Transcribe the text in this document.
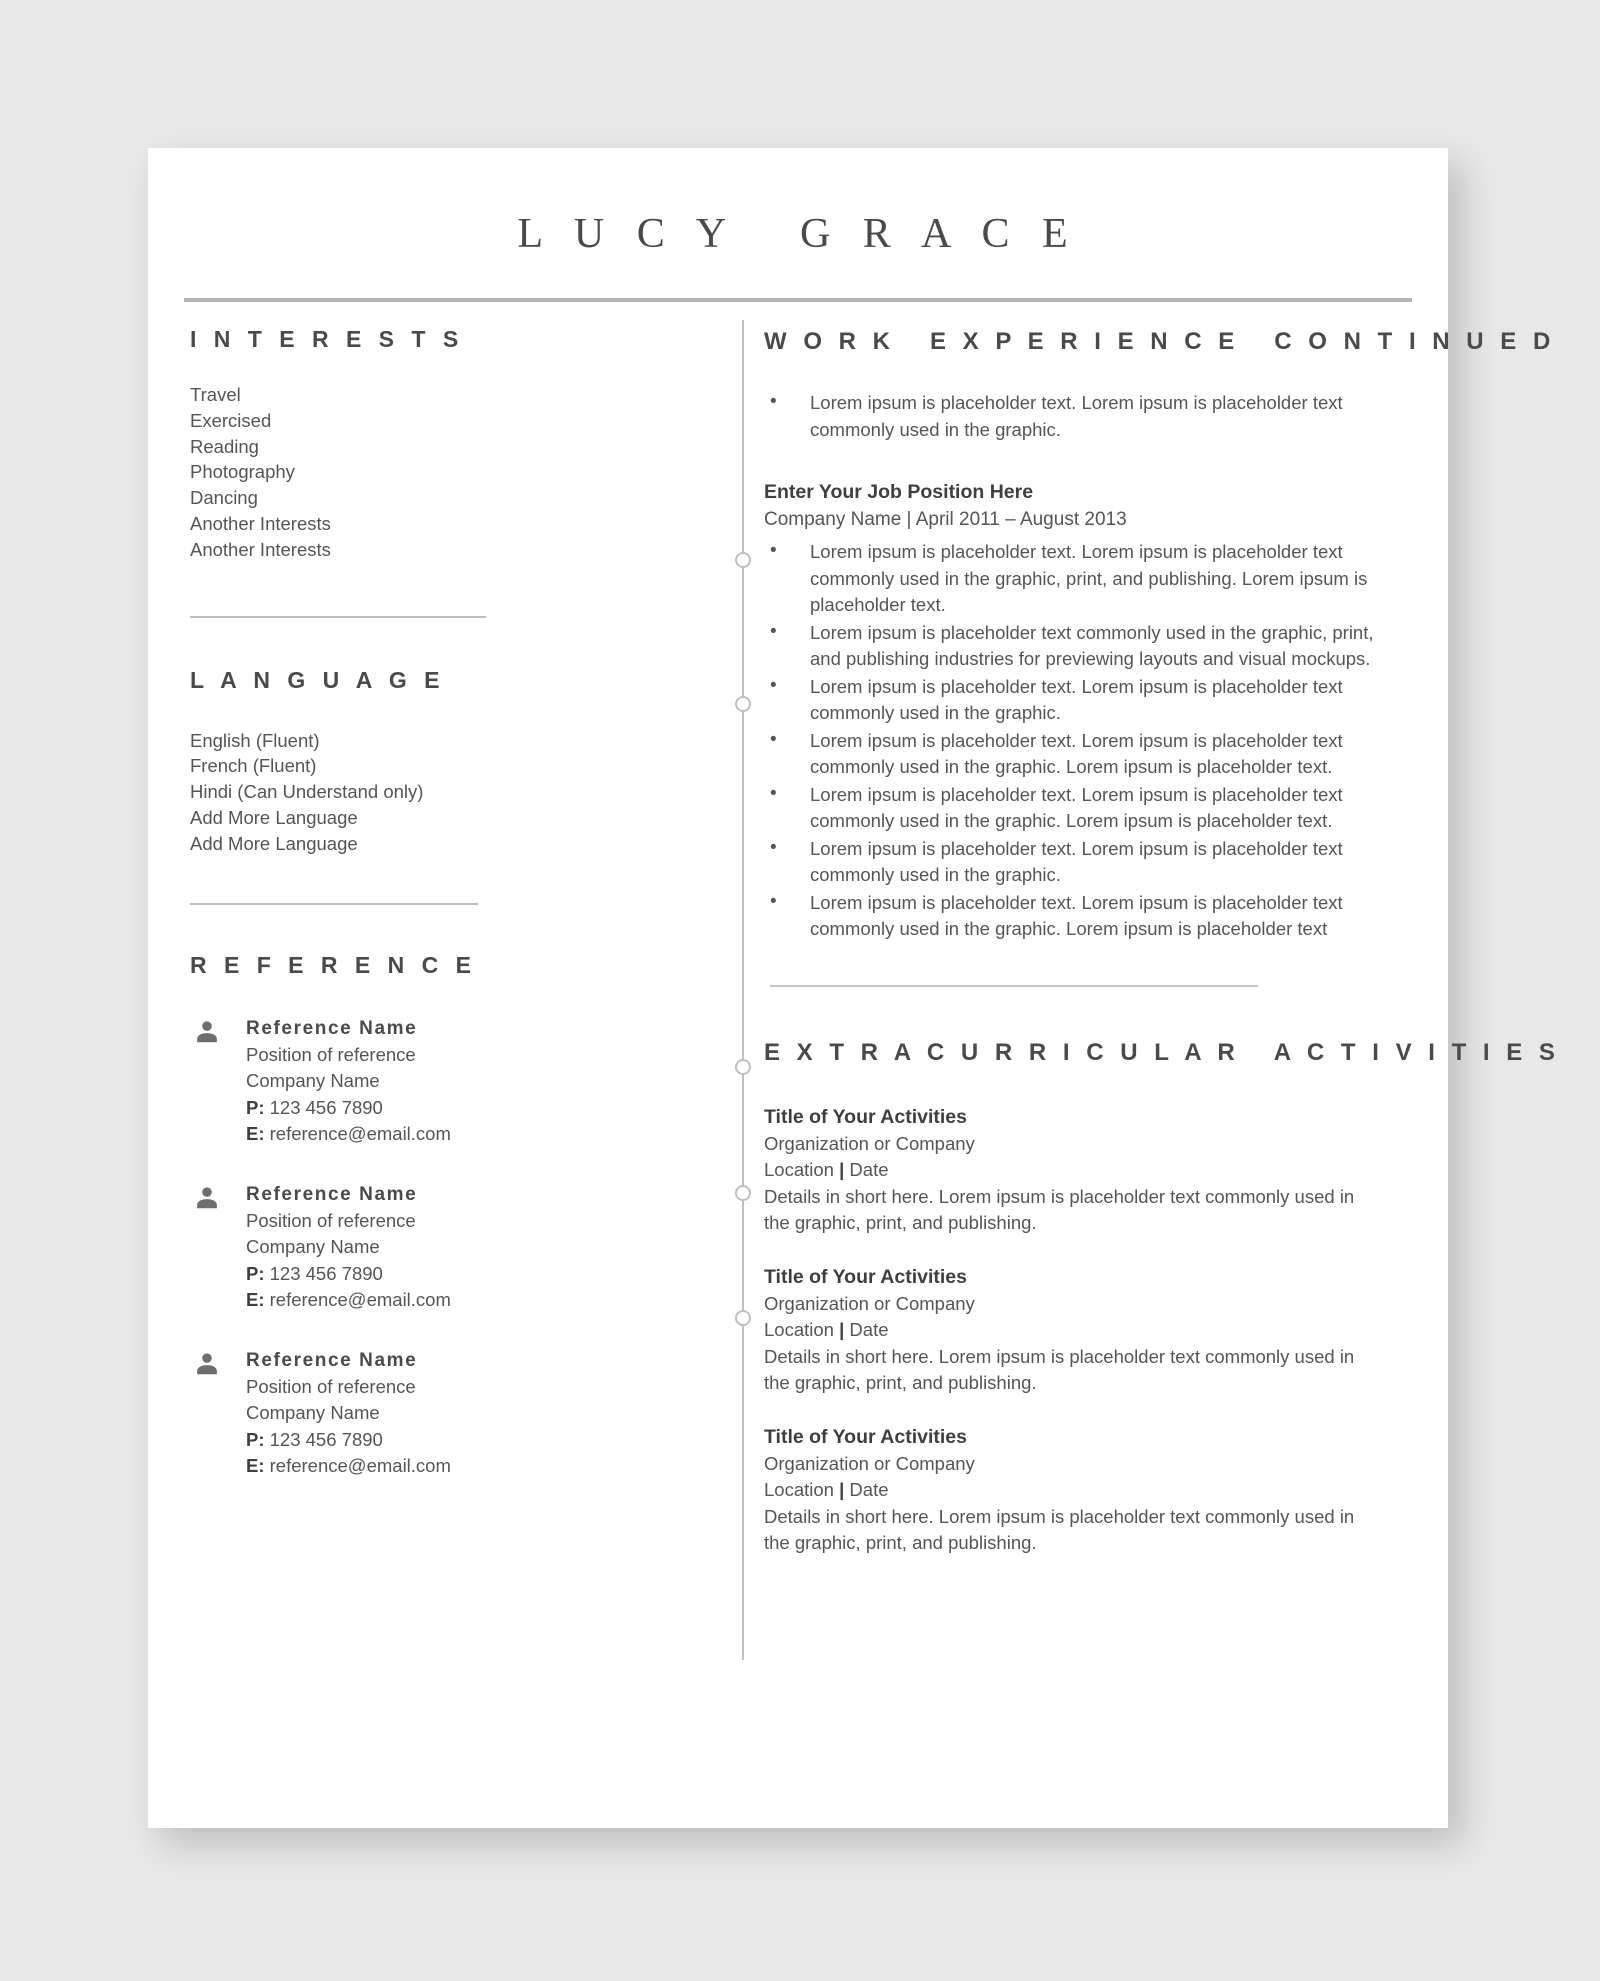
L U C Y   G R A C E
I N T E R E S T S
Travel
Exercised
Reading
Photography
Dancing
Another Interests
Another Interests
L A N G U A G E
English (Fluent)
French (Fluent)
Hindi (Can Understand only)
Add More Language
Add More Language
R E F E R E N C E
Reference Name
Position of reference
Company Name
P: 123 456 7890
E: reference@email.com
Reference Name
Position of reference
Company Name
P: 123 456 7890
E: reference@email.com
Reference Name
Position of reference
Company Name
P: 123 456 7890
E: reference@email.com
W O R K   E X P E R I E N C E   C O N T I N U E D
• Lorem ipsum is placeholder text. Lorem ipsum is placeholder text commonly used in the graphic.
Enter Your Job Position Here
Company Name | April 2011 – August 2013
• Lorem ipsum is placeholder text. Lorem ipsum is placeholder text commonly used in the graphic, print, and publishing. Lorem ipsum is placeholder text.
• Lorem ipsum is placeholder text commonly used in the graphic, print, and publishing industries for previewing layouts and visual mockups.
• Lorem ipsum is placeholder text. Lorem ipsum is placeholder text commonly used in the graphic.
• Lorem ipsum is placeholder text. Lorem ipsum is placeholder text commonly used in the graphic. Lorem ipsum is placeholder text.
• Lorem ipsum is placeholder text. Lorem ipsum is placeholder text commonly used in the graphic. Lorem ipsum is placeholder text.
• Lorem ipsum is placeholder text. Lorem ipsum is placeholder text commonly used in the graphic.
• Lorem ipsum is placeholder text. Lorem ipsum is placeholder text commonly used in the graphic. Lorem ipsum is placeholder text
E X T R A C U R R I C U L A R   A C T I V I T I E S
Title of Your Activities
Organization or Company
Location | Date
Details in short here. Lorem ipsum is placeholder text commonly used in the graphic, print, and publishing.
Title of Your Activities
Organization or Company
Location | Date
Details in short here. Lorem ipsum is placeholder text commonly used in the graphic, print, and publishing.
Title of Your Activities
Organization or Company
Location | Date
Details in short here. Lorem ipsum is placeholder text commonly used in the graphic, print, and publishing.
